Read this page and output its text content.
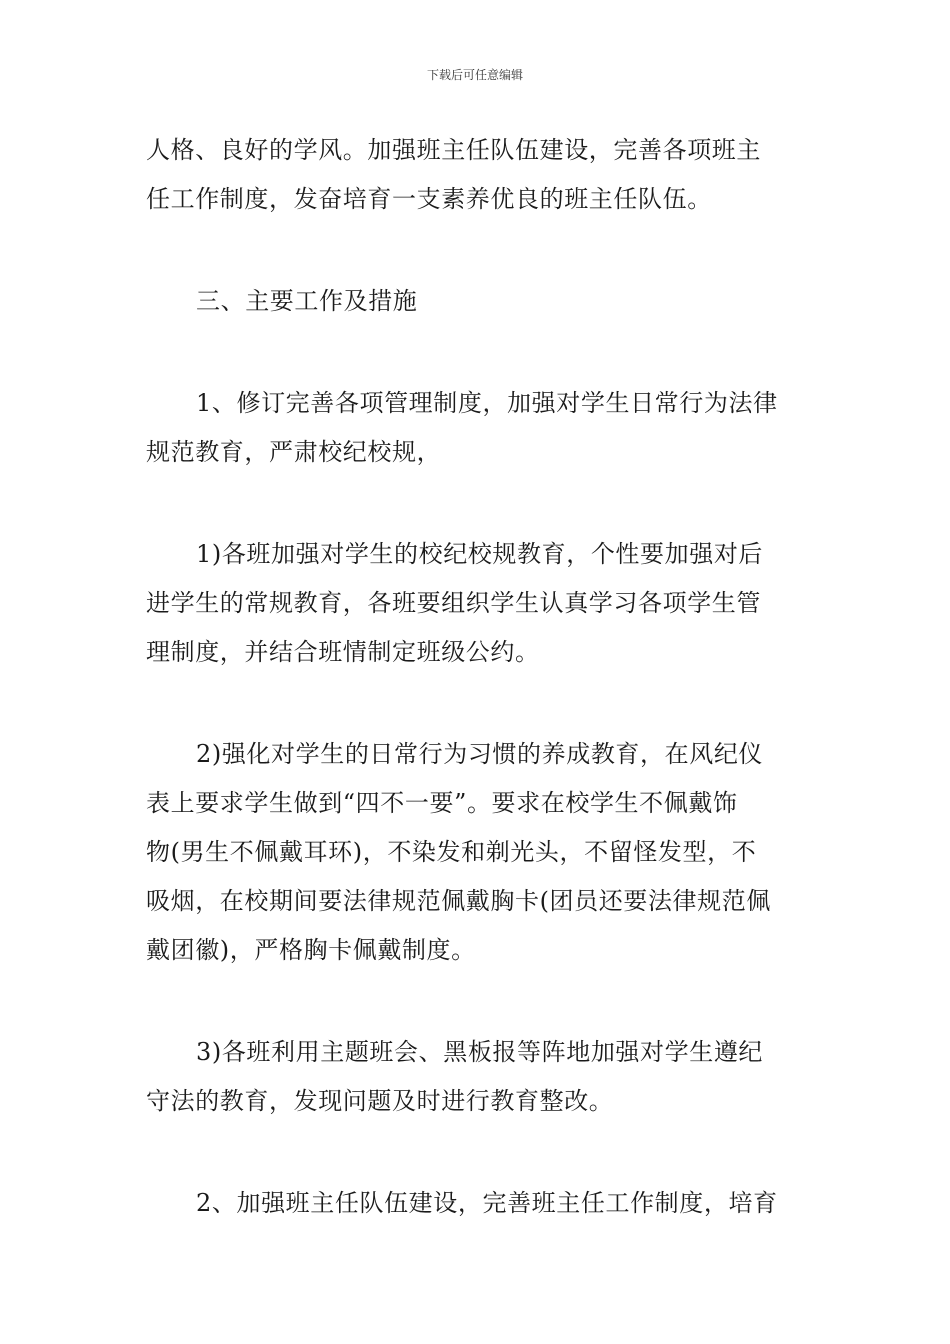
下载后可任意编辑
人格、良好的学风。加强班主任队伍建设，完善各项班主
任工作制度，发奋培育一支素养优良的班主任队伍。
三、主要工作及措施
1、修订完善各项管理制度，加强对学生日常行为法律
规范教育，严肃校纪校规，
1)各班加强对学生的校纪校规教育，个性要加强对后
进学生的常规教育，各班要组织学生认真学习各项学生管
理制度，并结合班情制定班级公约。
2)强化对学生的日常行为习惯的养成教育，在风纪仪
表上要求学生做到“四不一要”。要求在校学生不佩戴饰
物(男生不佩戴耳环)，不染发和剃光头，不留怪发型，不
吸烟，在校期间要法律规范佩戴胸卡(团员还要法律规范佩
戴团徽)，严格胸卡佩戴制度。
3)各班利用主题班会、黑板报等阵地加强对学生遵纪
守法的教育，发现问题及时进行教育整改。
2、加强班主任队伍建设，完善班主任工作制度，培育
